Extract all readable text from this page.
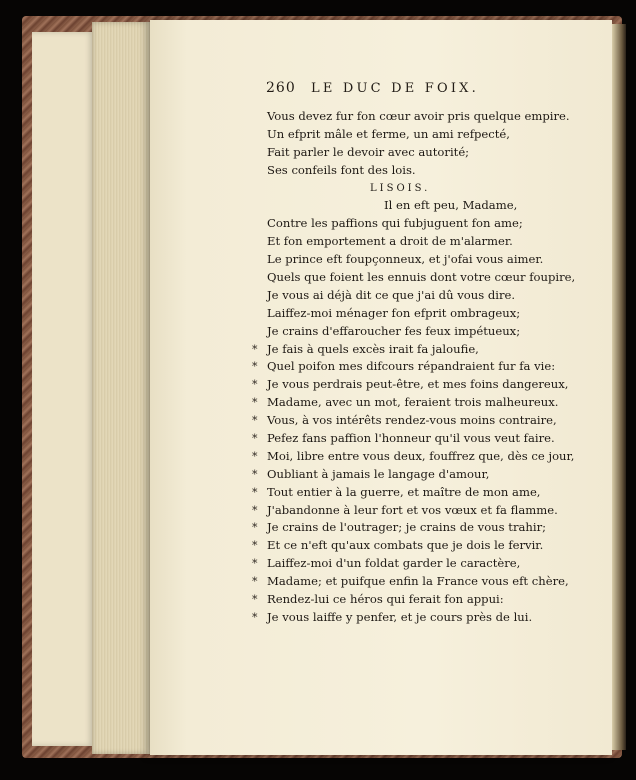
260 LE DUC DE FOIX.
Vous devez fur fon cœur avoir pris quelque empire.
Un efprit mâle et ferme, un ami refpecté,
Fait parler le devoir avec autorité;
Ses confeils font des lois.
LISOIS.
Il en eft peu, Madame,
Contre les paffions qui fubjuguent fon ame;
Et fon emportement a droit de m'alarmer.
Le prince eft foupçonneux, et j'ofai vous aimer.
Quels que foient les ennuis dont votre cœur foupire,
Je vous ai déjà dit ce que j'ai dû vous dire.
Laiffez-moi ménager fon efprit ombrageux;
Je crains d'effaroucher fes feux impétueux;
* Je fais à quels excès irait fa jaloufie,
* Quel poifon mes difcours répandraient fur fa vie:
* Je vous perdrais peut-être, et mes foins dangereux,
* Madame, avec un mot, feraient trois malheureux.
* Vous, à vos intérêts rendez-vous moins contraire,
* Pefez fans paffion l'honneur qu'il vous veut faire.
* Moi, libre entre vous deux, fouffrez que, dès ce jour,
* Oubliant à jamais le langage d'amour,
* Tout entier à la guerre, et maître de mon ame,
* J'abandonne à leur fort et vos vœux et fa flamme.
* Je crains de l'outrager; je crains de vous trahir;
* Et ce n'eft qu'aux combats que je dois le fervir.
* Laiffez-moi d'un foldat garder le caractère,
* Madame; et puifque enfin la France vous eft chère,
* Rendez-lui ce héros qui ferait fon appui:
* Je vous laiffe y penfer, et je cours près de lui.
